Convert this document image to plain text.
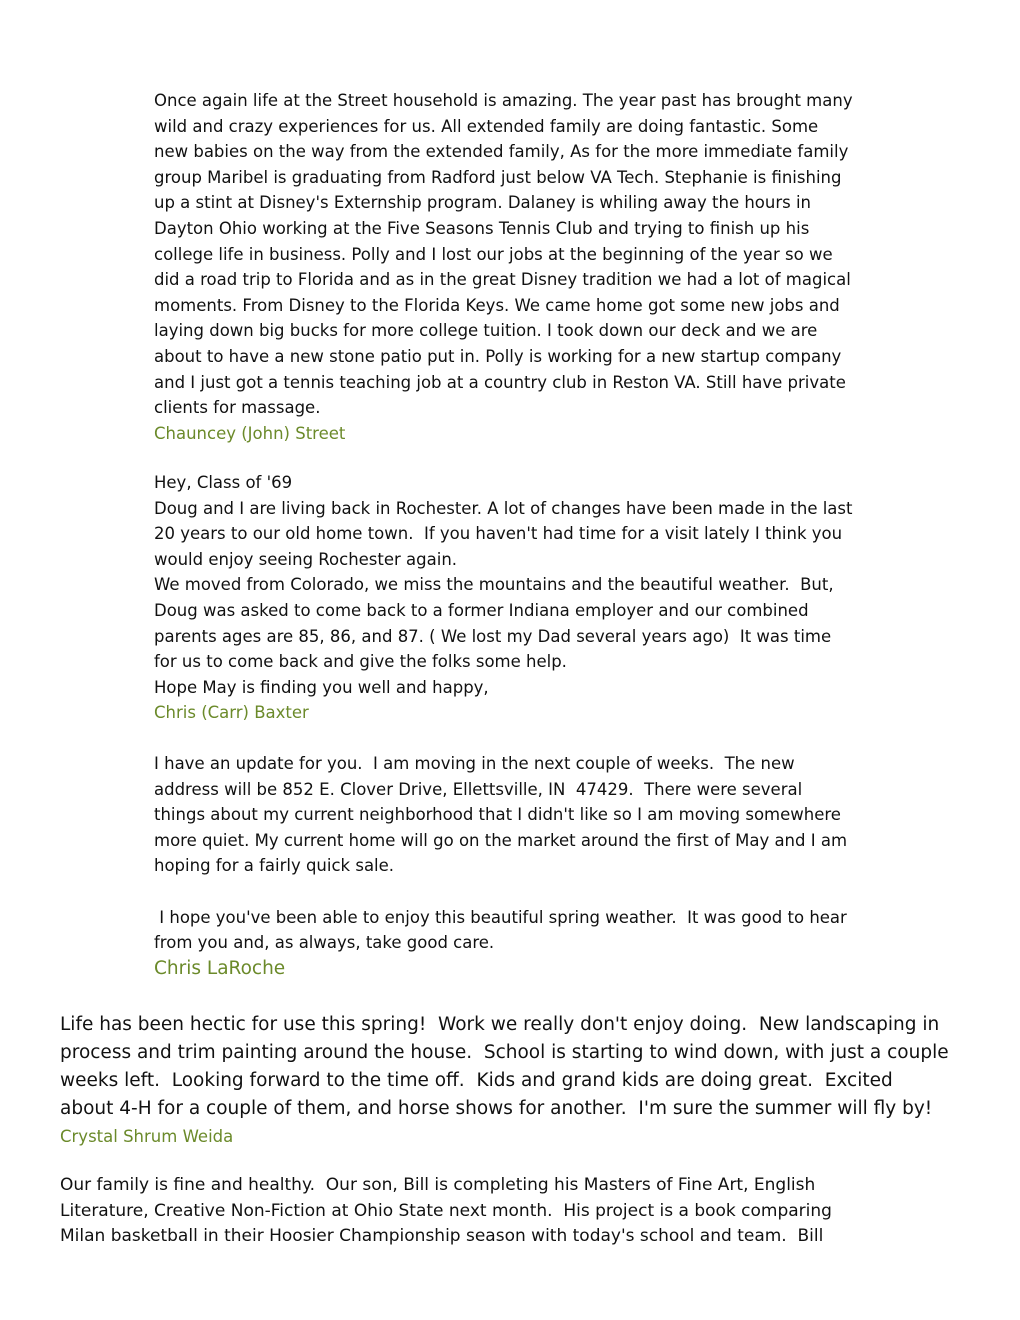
Once again life at the Street household is amazing. The year past has brought many

wild and crazy experiences for us. All extended family are doing fantastic. Some

new babies on the way from the extended family, As for the more immediate family

group Maribel is graduating from Radford just below VA Tech. Stephanie is finishing

up a stint at Disney's Externship program. Dalaney is whiling away the hours in

Dayton Ohio working at the Five Seasons Tennis Club and trying to finish up his

college life in business. Polly and I lost our jobs at the beginning of the year so we

did a road trip to Florida and as in the great Disney tradition we had a lot of magical

moments. From Disney to the Florida Keys. We came home got some new jobs and

laying down big bucks for more college tuition. I took down our deck and we are

about to have a new stone patio put in. Polly is working for a new startup company

and I just got a tennis teaching job at a country club in Reston VA. Still have private

clients for massage.

Chauncey (John) Street

Hey, Class of '69

Doug and I are living back in Rochester. A lot of changes have been made in the last

20 years to our old home town.  If you haven't had time for a visit lately I think you

would enjoy seeing Rochester again.

We moved from Colorado, we miss the mountains and the beautiful weather.  But,

Doug was asked to come back to a former Indiana employer and our combined

parents ages are 85, 86, and 87. ( We lost my Dad several years ago)  It was time

for us to come back and give the folks some help.

Hope May is finding you well and happy,

Chris (Carr) Baxter

I have an update for you.  I am moving in the next couple of weeks.  The new

address will be 852 E. Clover Drive, Ellettsville, IN  47429.  There were several

things about my current neighborhood that I didn't like so I am moving somewhere

more quiet. My current home will go on the market around the first of May and I am

hoping for a fairly quick sale.

I hope you've been able to enjoy this beautiful spring weather.  It was good to hear

from you and, as always, take good care.

Chris LaRoche

Life has been hectic for use this spring!  Work we really don't enjoy doing.  New landscaping in

process and trim painting around the house.  School is starting to wind down, with just a couple

weeks left.  Looking forward to the time off.  Kids and grand kids are doing great.  Excited

about 4-H for a couple of them, and horse shows for another.  I'm sure the summer will fly by!

Crystal Shrum Weida

Our family is fine and healthy.  Our son, Bill is completing his Masters of Fine Art, English

Literature, Creative Non-Fiction at Ohio State next month.  His project is a book comparing

Milan basketball in their Hoosier Championship season with today's school and team.  Bill
